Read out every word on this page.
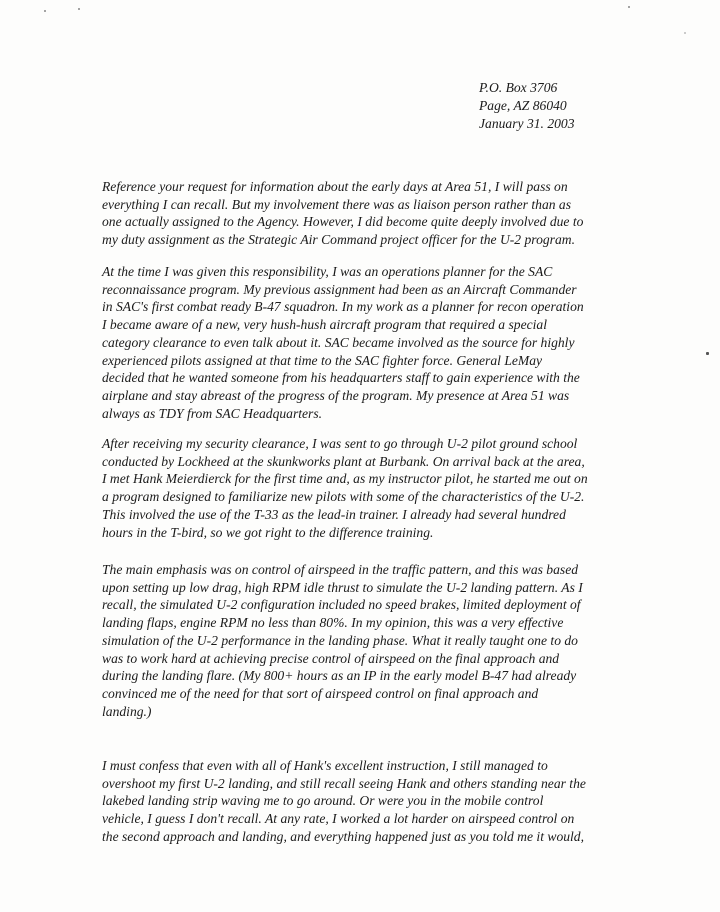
P.O. Box 3706
Page, AZ 86040
January 31. 2003
Reference your request for information about the early days at Area 51, I will pass on
everything I can recall. But my involvement there was as liaison person rather than as
one actually assigned to the Agency. However, I did become quite deeply involved due to
my duty assignment as the Strategic Air Command project officer for the U-2 program.
At the time I was given this responsibility, I was an operations planner for the SAC
reconnaissance program. My previous assignment had been as an Aircraft Commander
in SAC's first combat ready B-47 squadron. In my work as a planner for recon operation
I became aware of a new, very hush-hush aircraft program that required a special
category clearance to even talk about it. SAC became involved as the source for highly
experienced pilots assigned at that time to the SAC fighter force. General LeMay
decided that he wanted someone from his headquarters staff to gain experience with the
airplane and stay abreast of the progress of the program. My presence at Area 51 was
always as TDY from SAC Headquarters.
After receiving my security clearance, I was sent to go through U-2 pilot ground school
conducted by Lockheed at the skunkworks plant at Burbank. On arrival back at the area,
I met Hank Meierdierck for the first time and, as my instructor pilot, he started me out on
a program designed to familiarize new pilots with some of the characteristics of the U-2.
This involved the use of the T-33 as the lead-in trainer. I already had several hundred
hours in the T-bird, so we got right to the difference training.
The main emphasis was on control of airspeed in the traffic pattern, and this was based
upon setting up low drag, high RPM idle thrust to simulate the U-2 landing pattern. As I
recall, the simulated U-2 configuration included no speed brakes, limited deployment of
landing flaps, engine RPM no less than 80%. In my opinion, this was a very effective
simulation of the U-2 performance in the landing phase. What it really taught one to do
was to work hard at achieving precise control of airspeed on the final approach and
during the landing flare. (My 800+ hours as an IP in the early model B-47 had already
convinced me of the need for that sort of airspeed control on final approach and
landing.)
I must confess that even with all of Hank's excellent instruction, I still managed to
overshoot my first U-2 landing, and still recall seeing Hank and others standing near the
lakebed landing strip waving me to go around. Or were you in the mobile control
vehicle, I guess I don't recall. At any rate, I worked a lot harder on airspeed control on
the second approach and landing, and everything happened just as you told me it would,
